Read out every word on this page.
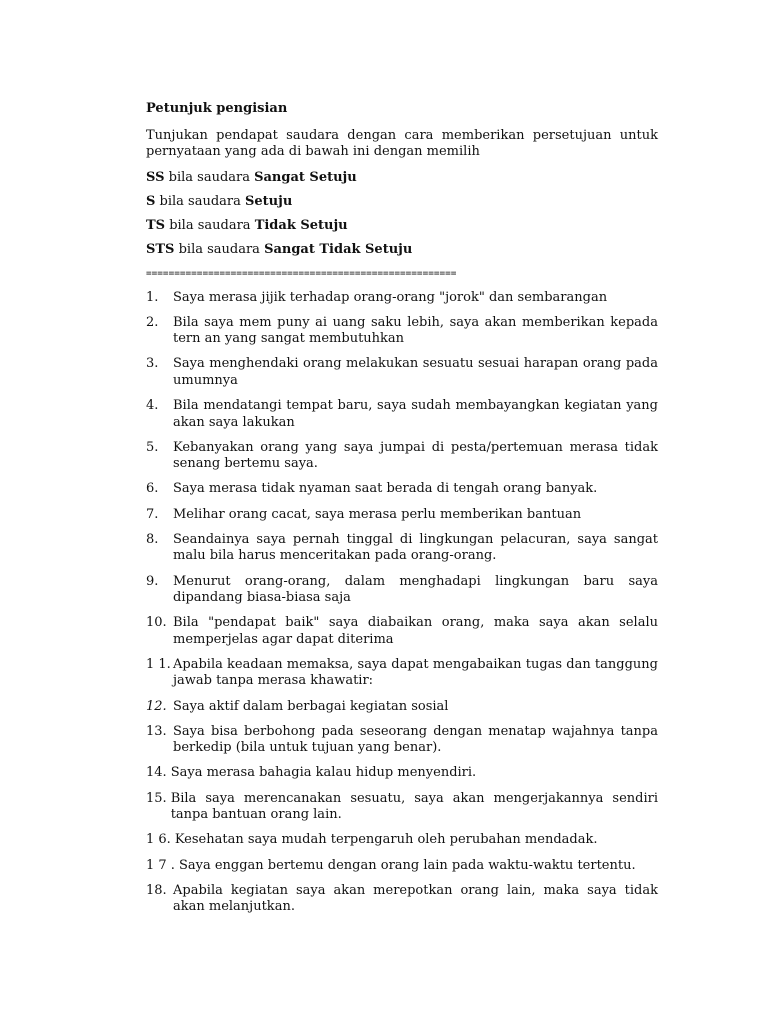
Petunjuk pengisian
Tunjukan pendapat saudara dengan cara memberikan persetujuan untuk pernyataan yang ada di bawah ini dengan memilih
SS bila saudara Sangat Setuju
S bila saudara Setuju
TS bila saudara Tidak Setuju
STS bila saudara Sangat Tidak Setuju
=======================================================
1.	Saya merasa jijik terhadap orang-orang "jorok" dan sembarangan
2.	Bila saya mem puny ai uang saku lebih, saya akan memberikan kepada tern an yang sangat membutuhkan
3.	Saya menghendaki orang melakukan sesuatu sesuai harapan orang pada umumnya
4.	Bila mendatangi tempat baru, saya sudah membayangkan kegiatan yang akan saya lakukan
5.	Kebanyakan orang yang saya jumpai di pesta/pertemuan merasa tidak senang bertemu saya.
6.	Saya merasa tidak nyaman saat berada di tengah orang banyak.
7.	Melihar orang cacat, saya merasa perlu memberikan bantuan
8.	Seandainya saya pernah tinggal di lingkungan pelacuran, saya sangat malu bila harus menceritakan pada orang-orang.
9.	Menurut orang-orang, dalam menghadapi lingkungan baru saya dipandang biasa-biasa saja
10. Bila "pendapat baik" saya diabaikan orang, maka saya akan selalu memperjelas agar dapat diterima
1 1. Apabila keadaan memaksa, saya dapat mengabaikan tugas dan tanggung jawab tanpa merasa khawatir:
12. Saya aktif dalam berbagai kegiatan sosial
13. Saya bisa berbohong pada seseorang dengan menatap wajahnya tanpa berkedip (bila untuk tujuan yang benar).
14. Saya merasa bahagia kalau hidup menyendiri.
15. Bila saya merencanakan sesuatu, saya akan mengerjakannya sendiri tanpa bantuan orang lain.
1 6. Kesehatan saya mudah terpengaruh oleh perubahan mendadak.
1 7 . Saya enggan bertemu dengan orang lain pada waktu-waktu tertentu.
18. Apabila kegiatan saya akan merepotkan orang lain, maka saya tidak akan melanjutkan.
